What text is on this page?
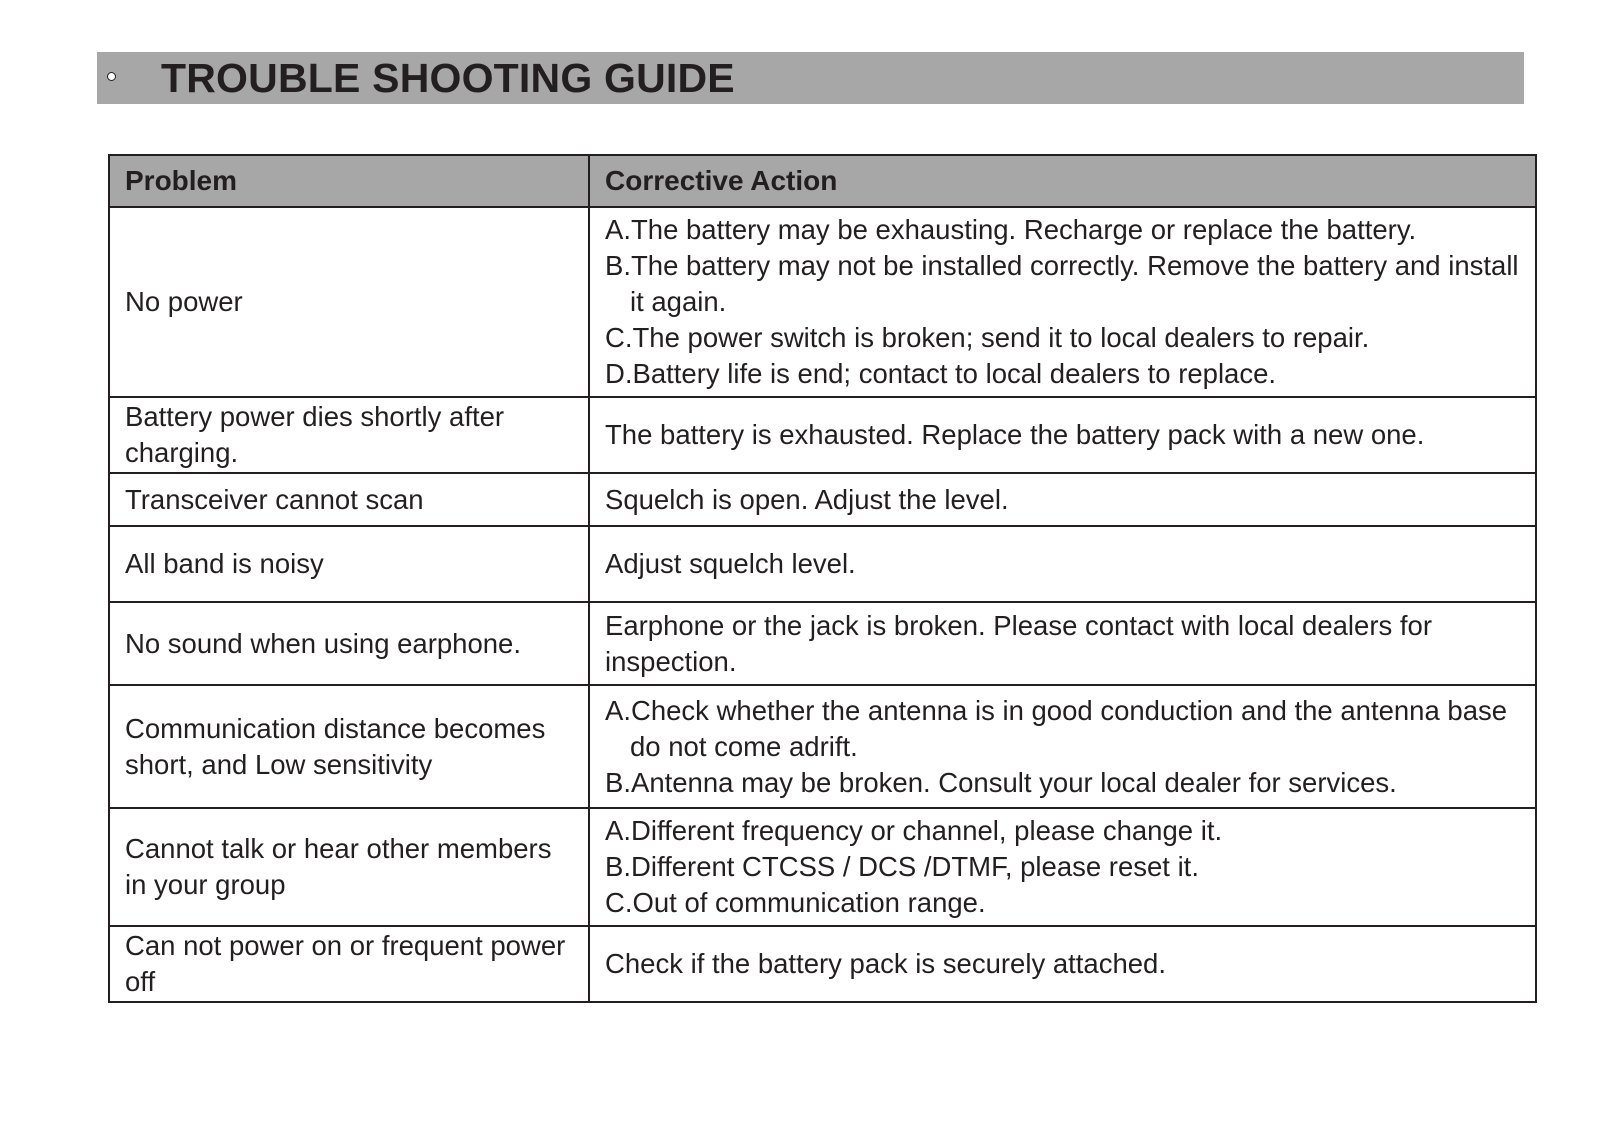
TROUBLE SHOOTING GUIDE
Problem	Corrective Action
No power	A.The battery may be exhausting. Recharge or replace the battery.
B.The battery may not be installed correctly. Remove the battery and install it again.
C.The power switch is broken; send it to local dealers to repair.
D.Battery life is end; contact to local dealers to replace.

Battery power dies shortly after charging.	The battery is exhausted. Replace the battery pack with a new one.

Transceiver cannot scan	Squelch is open. Adjust the level.

All band is noisy	Adjust squelch level.

No sound when using earphone.	Earphone or the jack is broken. Please contact with local dealers for inspection.

Communication distance becomes short, and Low sensitivity	A.Check whether the antenna is in good conduction and the antenna base do not come adrift.
B.Antenna may be broken. Consult your local dealer for services.

Cannot talk or hear other members in your group	A.Different frequency or channel, please change it.
B.Different CTCSS / DCS /DTMF, please reset it.
C.Out of communication range.

Can not power on or frequent power off	Check if the battery pack is securely attached.
